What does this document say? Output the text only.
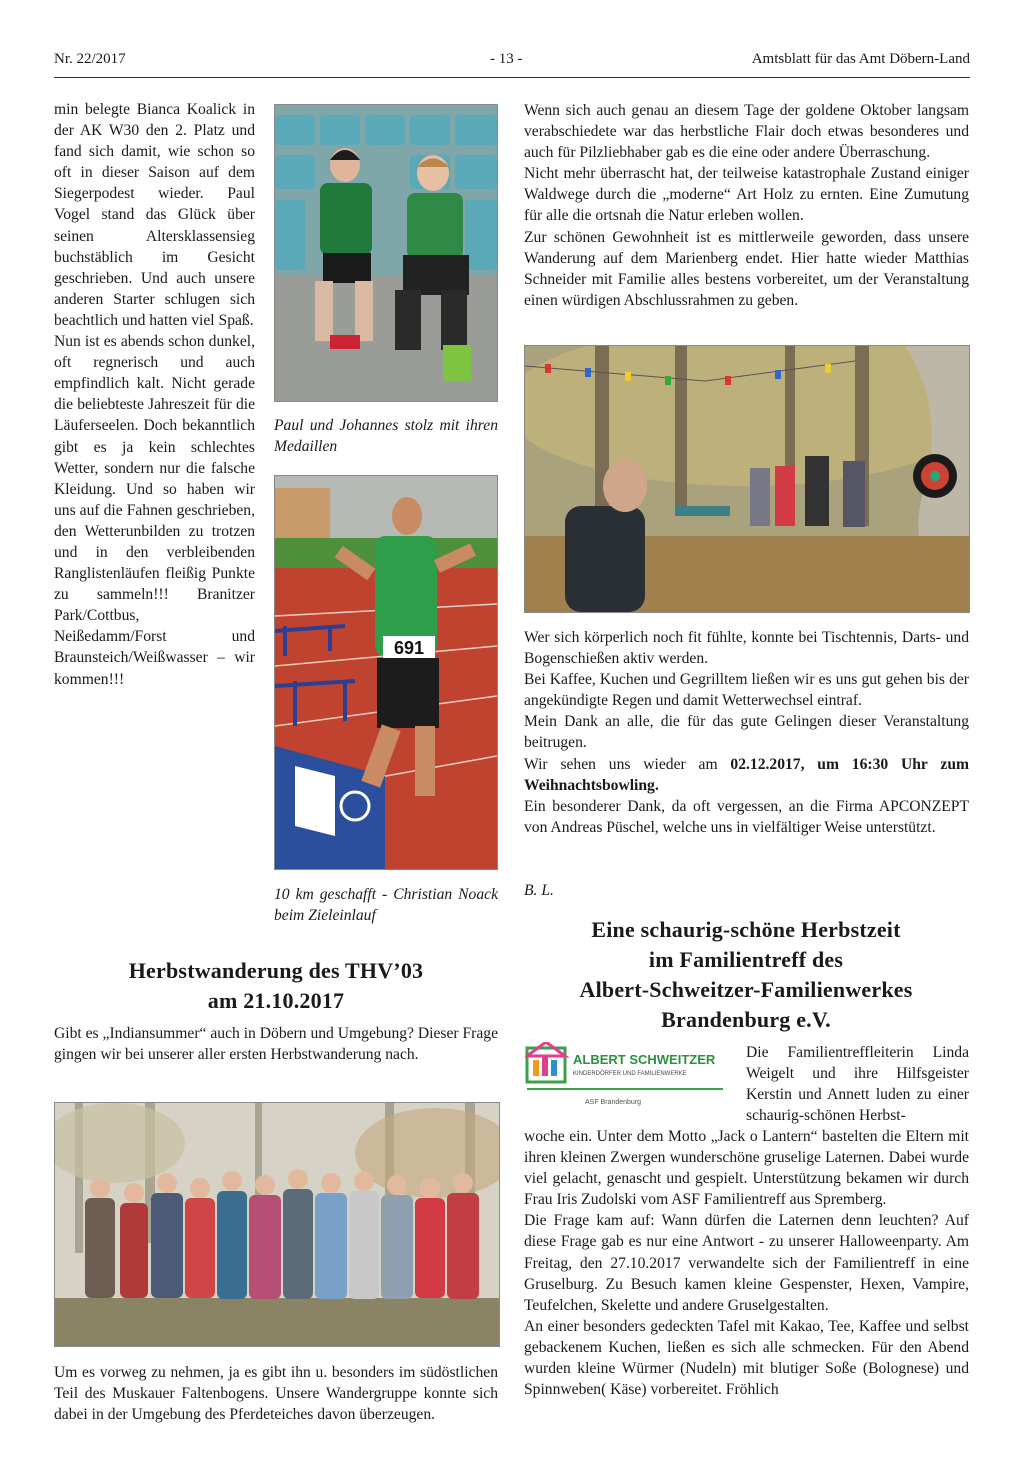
Nr. 22/2017	- 13 -	Amtsblatt für das Amt Döbern-Land

min belegte Bianca Koalick in der AK W30 den 2. Platz und fand sich damit, wie schon so oft in dieser Saison auf dem Siegerpodest wieder. Paul Vogel stand das Glück über seinen Altersklassensieg buchstäblich im Gesicht geschrieben. Und auch unsere anderen Starter schlugen sich beachtlich und hatten viel Spaß.

Nun ist es abends schon dunkel, oft regnerisch und auch empfindlich kalt. Nicht gerade die beliebteste Jahreszeit für die Läuferseelen. Doch bekanntlich gibt es ja kein schlechtes Wetter, sondern nur die falsche Kleidung. Und so haben wir uns auf die Fahnen geschrieben, den Wetterunbilden zu trotzen und in den verbleibenden Ranglistenläufen fleißig Punkte zu sammeln!!! Branitzer Park/Cottbus, Neißedamm/Forst und Braunsteich/Weißwasser – wir kommen!!!

Paul und Johannes stolz mit ihren Medaillen
691
10 km geschafft - Christian Noack beim Zieleinlauf
Herbstwanderung des THV’03
am 21.10.2017

Gibt es „Indiansummer“ auch in Döbern und Umgebung? Dieser Frage gingen wir bei unserer aller ersten Herbstwanderung nach.

Um es vorweg zu nehmen, ja es gibt ihn u. besonders im südöstlichen Teil des Muskauer Faltenbogens. Unsere Wandergruppe konnte sich dabei in der Umgebung des Pferdeteiches davon überzeugen.

Wenn sich auch genau an diesem Tage der goldene Oktober langsam verabschiedete war das herbstliche Flair doch etwas besonderes und auch für Pilzliebhaber gab es die eine oder andere Überraschung.

Nicht mehr überrascht hat, der teilweise katastrophale Zustand einiger Waldwege durch die „moderne“ Art Holz zu ernten. Eine Zumutung für alle die ortsnah die Natur erleben wollen.

Zur schönen Gewohnheit ist es mittlerweile geworden, dass unsere Wanderung auf dem Marienberg endet. Hier hatte wieder Matthias Schneider mit Familie alles bestens vorbereitet, um der Veranstaltung einen würdigen Abschlussrahmen zu geben.

Wer sich körperlich noch fit fühlte, konnte bei Tischtennis, Darts- und Bogenschießen aktiv werden.

Bei Kaffee, Kuchen und Gegrilltem ließen wir es uns gut gehen bis der angekündigte Regen und damit Wetterwechsel eintraf.

Mein Dank an alle, die für das gute Gelingen dieser Veranstaltung beitrugen.

Wir sehen uns wieder am 02.12.2017, um 16:30 Uhr zum Weihnachtsbowling.

Ein besonderer Dank, da oft vergessen, an die Firma APCONZEPT von Andreas Püschel, welche uns in vielfältiger Weise unterstützt.

B. L.
Eine schaurig-schöne Herbstzeit
im Familientreff des
Albert-Schweitzer-Familienwerkes
Brandenburg e.V.
ALBERT SCHWEITZER
KINDERDÖRFER UND FAMILIENWERKE
ASF Brandenburg

Die Familientreffleiterin Linda Weigelt und ihre Hilfsgeister Kerstin und Annett luden zu einer schaurig-schönen Herbst-

woche ein. Unter dem Motto „Jack o Lantern“ bastelten die Eltern mit ihren kleinen Zwergen wunderschöne gruselige Laternen. Dabei wurde viel gelacht, genascht und gespielt. Unterstützung bekamen wir durch Frau Iris Zudolski vom ASF Familientreff aus Spremberg.

Die Frage kam auf: Wann dürfen die Laternen denn leuchten? Auf diese Frage gab es nur eine Antwort - zu unserer Halloweenparty. Am Freitag, den 27.10.2017 verwandelte sich der Familientreff in eine Gruselburg. Zu Besuch kamen kleine Gespenster, Hexen, Vampire, Teufelchen, Skelette und andere Gruselgestalten.

An einer besonders gedeckten Tafel mit Kakao, Tee, Kaffee und selbst gebackenem Kuchen, ließen es sich alle schmecken. Für den Abend wurden kleine Würmer (Nudeln) mit blutiger Soße (Bolognese) und Spinnweben( Käse) vorbereitet. Fröhlich
